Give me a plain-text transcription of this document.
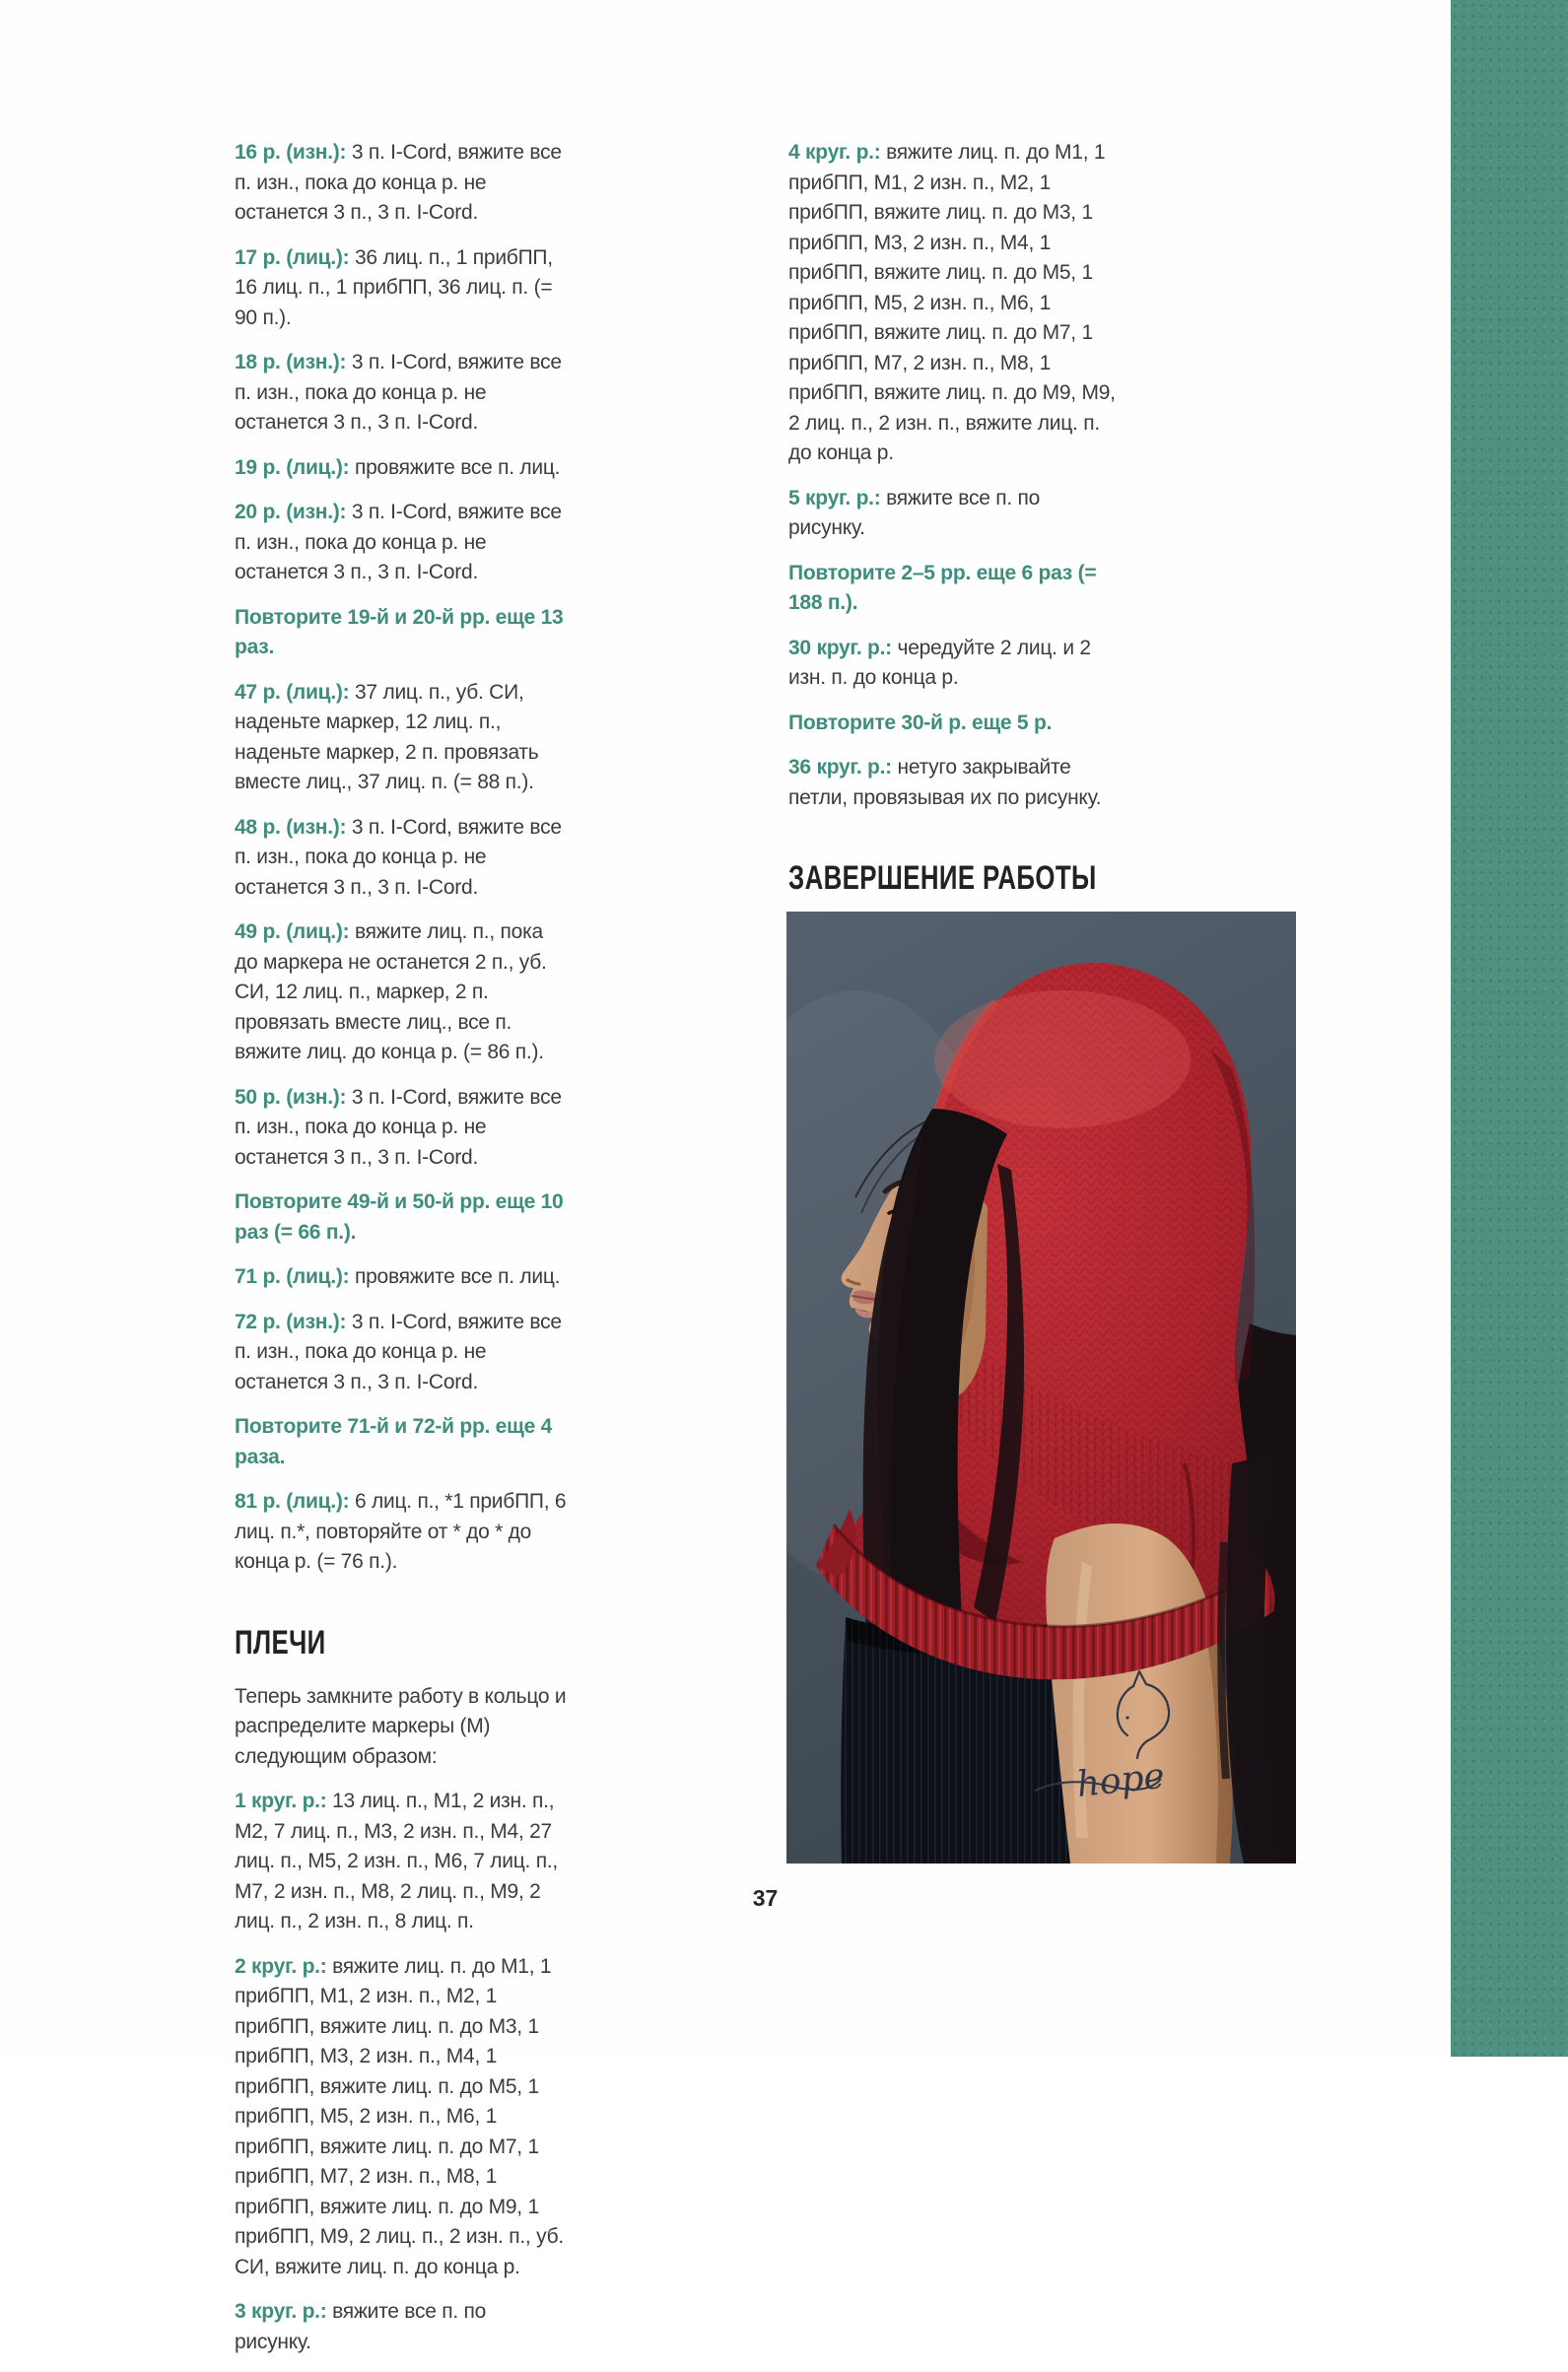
16 р. (изн.): 3 п. I-Cord, вяжите все п. изн., пока до конца р. не останется 3 п., 3 п. I-Cord.

17 р. (лиц.): 36 лиц. п., 1 прибПП, 16 лиц. п., 1 прибПП, 36 лиц. п. (= 90 п.).

18 р. (изн.): 3 п. I-Cord, вяжите все п. изн., пока до конца р. не останется 3 п., 3 п. I-Cord.

19 р. (лиц.): провяжите все п. лиц.

20 р. (изн.): 3 п. I-Cord, вяжите все п. изн., пока до конца р. не останется 3 п., 3 п. I-Cord.

Повторите 19-й и 20-й рр. еще 13 раз.

47 р. (лиц.): 37 лиц. п., уб. СИ, наденьте маркер, 12 лиц. п., наденьте маркер, 2 п. провязать вместе лиц., 37 лиц. п. (= 88 п.).

48 р. (изн.): 3 п. I-Cord, вяжите все п. изн., пока до конца р. не останется 3 п., 3 п. I-Cord.

49 р. (лиц.): вяжите лиц. п., пока до маркера не останется 2 п., уб. СИ, 12 лиц. п., маркер, 2 п. провязать вместе лиц., все п. вяжите лиц. до конца р. (= 86 п.).

50 р. (изн.): 3 п. I-Cord, вяжите все п. изн., пока до конца р. не останется 3 п., 3 п. I-Cord.

Повторите 49-й и 50-й рр. еще 10 раз (= 66 п.).

71 р. (лиц.): провяжите все п. лиц.

72 р. (изн.): 3 п. I-Cord, вяжите все п. изн., пока до конца р. не останется 3 п., 3 п. I-Cord.

Повторите 71-й и 72-й рр. еще 4 раза.

81 р. (лиц.): 6 лиц. п., *1 прибПП, 6 лиц. п.*, повторяйте от * до * до конца р. (= 76 п.).

ПЛЕЧИ

Теперь замкните работу в кольцо и распределите маркеры (М) следующим образом:

1 круг. р.: 13 лиц. п., М1, 2 изн. п., М2, 7 лиц. п., М3, 2 изн. п., М4, 27 лиц. п., М5, 2 изн. п., М6, 7 лиц. п., М7, 2 изн. п., М8, 2 лиц. п., М9, 2 лиц. п., 2 изн. п., 8 лиц. п.

2 круг. р.: вяжите лиц. п. до М1, 1 прибПП, М1, 2 изн. п., М2, 1 прибПП, вяжите лиц. п. до М3, 1 прибПП, М3, 2 изн. п., М4, 1 прибПП, вяжите лиц. п. до М5, 1 прибПП, М5, 2 изн. п., М6, 1 прибПП, вяжите лиц. п. до М7, 1 прибПП, М7, 2 изн. п., М8, 1 прибПП, вяжите лиц. п. до М9, 1 прибПП, М9, 2 лиц. п., 2 изн. п., уб. СИ, вяжите лиц. п. до конца р.

3 круг. р.: вяжите все п. по рисунку.

4 круг. р.: вяжите лиц. п. до М1, 1 прибПП, М1, 2 изн. п., М2, 1 прибПП, вяжите лиц. п. до М3, 1 прибПП, М3, 2 изн. п., М4, 1 прибПП, вяжите лиц. п. до М5, 1 прибПП, М5, 2 изн. п., М6, 1 прибПП, вяжите лиц. п. до М7, 1 прибПП, М7, 2 изн. п., М8, 1 прибПП, вяжите лиц. п. до М9, М9, 2 лиц. п., 2 изн. п., вяжите лиц. п. до конца р.

5 круг. р.: вяжите все п. по рисунку.

Повторите 2–5 рр. еще 6 раз (= 188 п.).

30 круг. р.: чередуйте 2 лиц. и 2 изн. п. до конца р.

Повторите 30-й р. еще 5 р.

36 круг. р.: нетуго закрывайте петли, провязывая их по рисунку.

ЗАВЕРШЕНИЕ РАБОТЫ

hope
37
